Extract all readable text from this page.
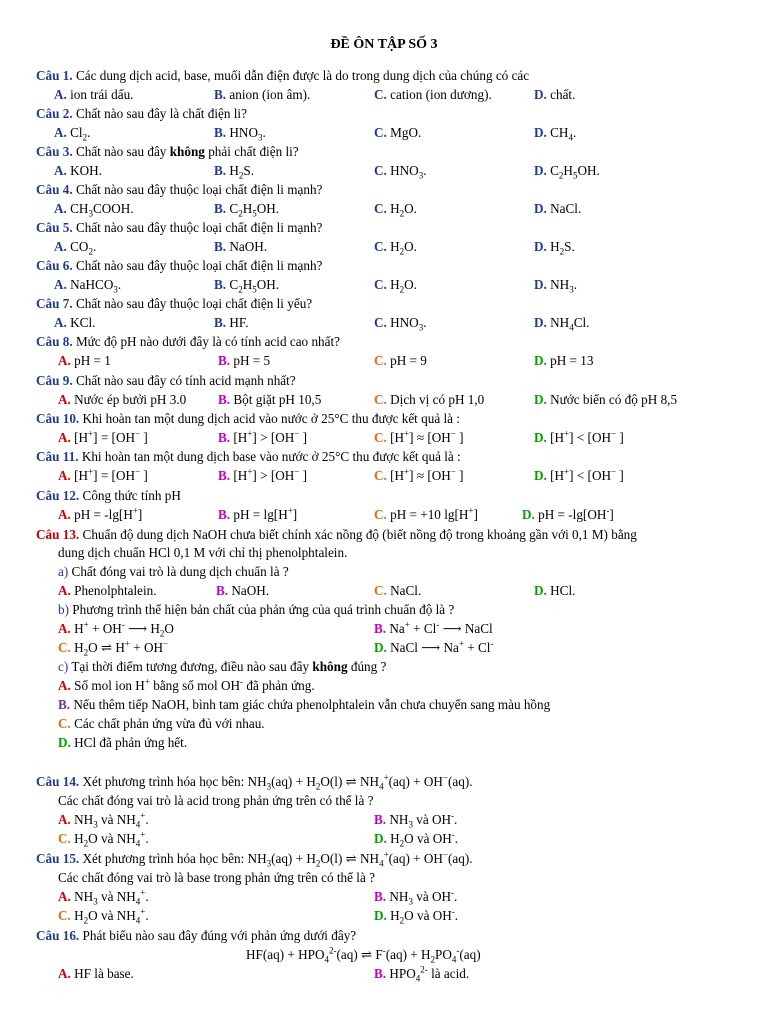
ĐỀ ÔN TẬP SỐ 3
Câu 1. Các dung dịch acid, base, muối dẫn điện được là do trong dung dịch của chúng có các
A. ion trái dấu.	B. anion (ion âm).	C. cation (ion dương).	D. chất.
Câu 2. Chất nào sau đây là chất điện li?
A. $Cl_2$.	B. $HNO_3$.	C. MgO.	D. $CH_4$.
Câu 3. Chất nào sau đây không phải chất điện li?
A. KOH.	B. $H_2S$.	C. $HNO_3$.	D. $C_2H_5OH$.
Câu 4. Chất nào sau đây thuộc loại chất điện li mạnh?
A. $CH_3COOH$.	B. $C_2H_5OH$.	C. $H_2O$.	D. NaCl.
Câu 5. Chất nào sau đây thuộc loại chất điện li mạnh?
A. $CO_2$.	B. NaOH.	C. $H_2O$.	D. $H_2S$.
Câu 6. Chất nào sau đây thuộc loại chất điện li mạnh?
A. NaHCO$_3$.	B. $C_2H_5OH$.	C. $H_2O$.	D. $NH_3$.
Câu 7. Chất nào sau đây thuộc loại chất điện li yếu?
A. KCl.	B. HF.	C. $HNO_3$.	D. $NH_4Cl$.
Câu 8. Mức độ pH nào dưới đây là có tính acid cao nhất?
A. pH = 1	B. pH = 5	C. pH = 9	D. pH = 13
Câu 9. Chất nào sau đây có tính acid mạnh nhất?
A. Nước ép bưởi pH 3.0 B. Bột giặt pH 10,5	C. Dịch vị có pH 1,0	D. Nước biển có độ pH 8,5
Câu 10. Khi hoàn tan một dung dịch acid vào nước ở 25°C thu được kết quả là :
A. [H+] = [OH− ]	B. [H+] > [OH− ]	C. [H+] ≈ [OH− ]	D. [H+] < [OH− ]
Câu 11. Khi hoàn tan một dung dịch base vào nước ở 25°C thu được kết quả là :
A. [H+] = [OH− ]	B. [H+] > [OH− ]	C. [H+] ≈ [OH− ]	D. [H+] < [OH− ]
Câu 12. Công thức tính pH
A. pH = -lg[H+]	B. pH = lg[H+]	C. pH = +10 lg[H+]	D. pH = -lg[OH-]
Câu 13. Chuẩn độ dung dịch NaOH chưa biết chính xác nồng độ (biết nồng độ trong khoảng gần với 0,1 M) bằng
dung dịch chuẩn HCl 0,1 M với chỉ thị phenolphtalein.
a) Chất đóng vai trò là dung dịch chuẩn là ?
A. Phenolphtalein.	B. NaOH.	C. NaCl.	D. HCl.
b) Phương trình thể hiện bản chất của phản ứng của quá trình chuẩn độ là ?
A. H+ + OH- ⟶ $H_2O$	B. Na+ + Cl- ⟶ NaCl
C. $H_2O$ ⇌ H+ + OH−	D. NaCl ⟶ Na+ + Cl-
c) Tại thời điểm tương đương, điều nào sau đây không đúng ?
A. Số mol ion H+ bằng số mol OH- đã phản ứng.
B. Nếu thêm tiếp NaOH, bình tam giác chứa phenolphtalein vẫn chưa chuyển sang màu hồng
C. Các chất phản ứng vừa đủ với nhau.
D. HCl đã phản ứng hết.
Câu 14. Xét phương trình hóa học bên: $NH_3(aq) + H_2O(l)$ ⇌ $NH_4^+(aq) + OH^-(aq)$.
Các chất đóng vai trò là acid trong phản ứng trên có thể là ?
A. $NH_3$ và $NH_4^+$.	B. $NH_3$ và OH-.
C. $H_2O$ và $NH_4^+$.	D. $H_2O$ và OH-.
Câu 15. Xét phương trình hóa học bên: $NH_3(aq) + H_2O(l)$ ⇌ $NH_4^+(aq) + OH^-(aq)$.
Các chất đóng vai trò là base trong phản ứng trên có thể là ?
A. $NH_3$ và $NH_4^+$.	B. $NH_3$ và OH-.
C. $H_2O$ và $NH_4^+$.	D. $H_2O$ và OH-.
Câu 16. Phát biểu nào sau đây đúng với phản ứng dưới đây?
$HF(aq) + HPO_4^{2-}(aq)$ ⇌ $F^-(aq) + H_2PO_4^-(aq)$
A. HF là base.	B. $HPO_4^{2-}$ là acid.
